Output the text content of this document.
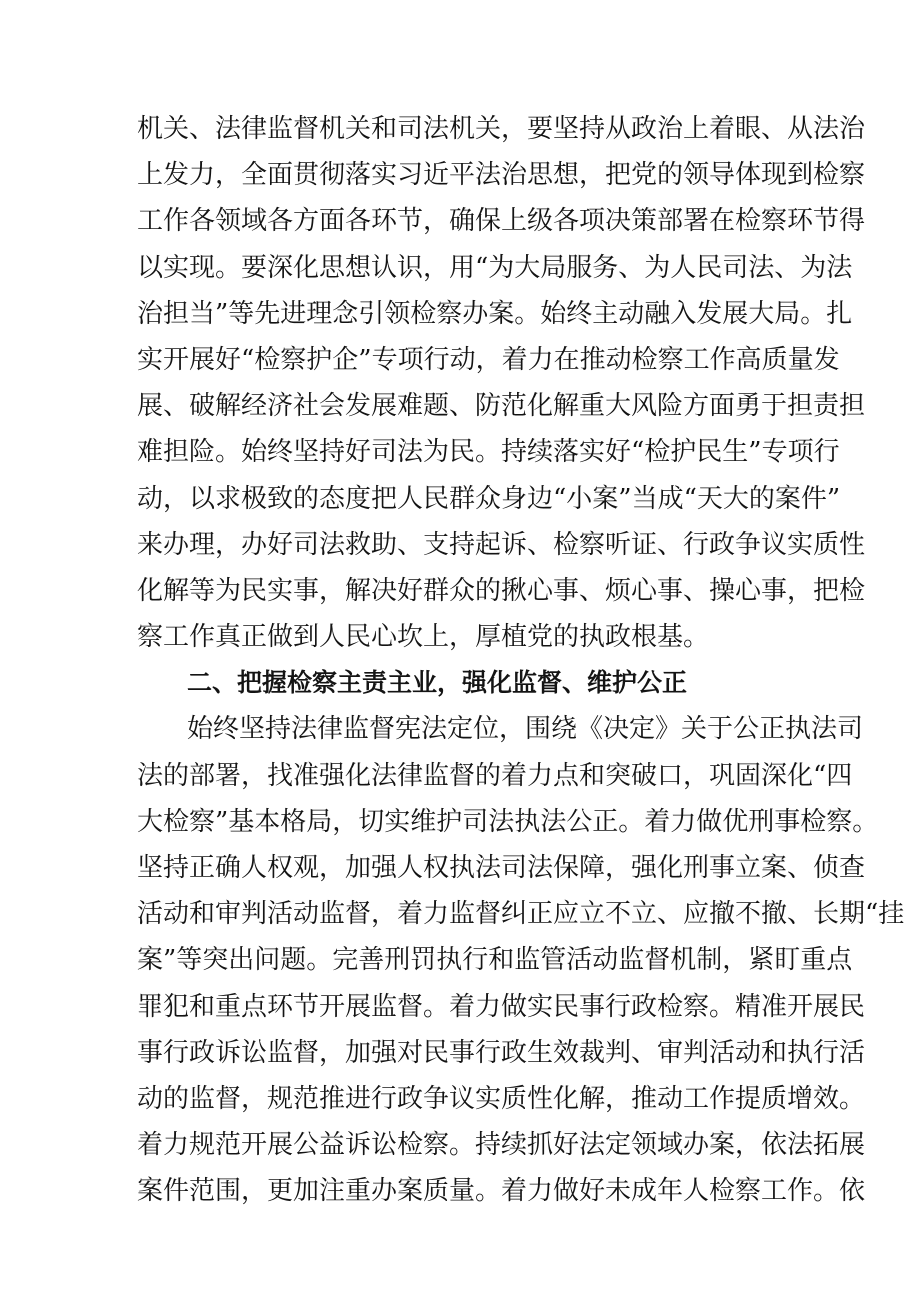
机关、法律监督机关和司法机关，要坚持从政治上着眼、从法治
上发力，全面贯彻落实习近平法治思想，把党的领导体现到检察
工作各领域各方面各环节，确保上级各项决策部署在检察环节得
以实现。要深化思想认识，用“为大局服务、为人民司法、为法
治担当”等先进理念引领检察办案。始终主动融入发展大局。扎
实开展好“检察护企”专项行动，着力在推动检察工作高质量发
展、破解经济社会发展难题、防范化解重大风险方面勇于担责担
难担险。始终坚持好司法为民。持续落实好“检护民生”专项行
动，以求极致的态度把人民群众身边“小案”当成“天大的案件”
来办理，办好司法救助、支持起诉、检察听证、行政争议实质性
化解等为民实事，解决好群众的揪心事、烦心事、操心事，把检
察工作真正做到人民心坎上，厚植党的执政根基。
二、把握检察主责主业，强化监督、维护公正
始终坚持法律监督宪法定位，围绕《决定》关于公正执法司
法的部署，找准强化法律监督的着力点和突破口，巩固深化“四
大检察”基本格局，切实维护司法执法公正。着力做优刑事检察。
坚持正确人权观，加强人权执法司法保障，强化刑事立案、侦查
活动和审判活动监督，着力监督纠正应立不立、应撤不撤、长期“挂
案”等突出问题。完善刑罚执行和监管活动监督机制，紧盯重点
罪犯和重点环节开展监督。着力做实民事行政检察。精准开展民
事行政诉讼监督，加强对民事行政生效裁判、审判活动和执行活
动的监督，规范推进行政争议实质性化解，推动工作提质增效。
着力规范开展公益诉讼检察。持续抓好法定领域办案，依法拓展
案件范围，更加注重办案质量。着力做好未成年人检察工作。依
